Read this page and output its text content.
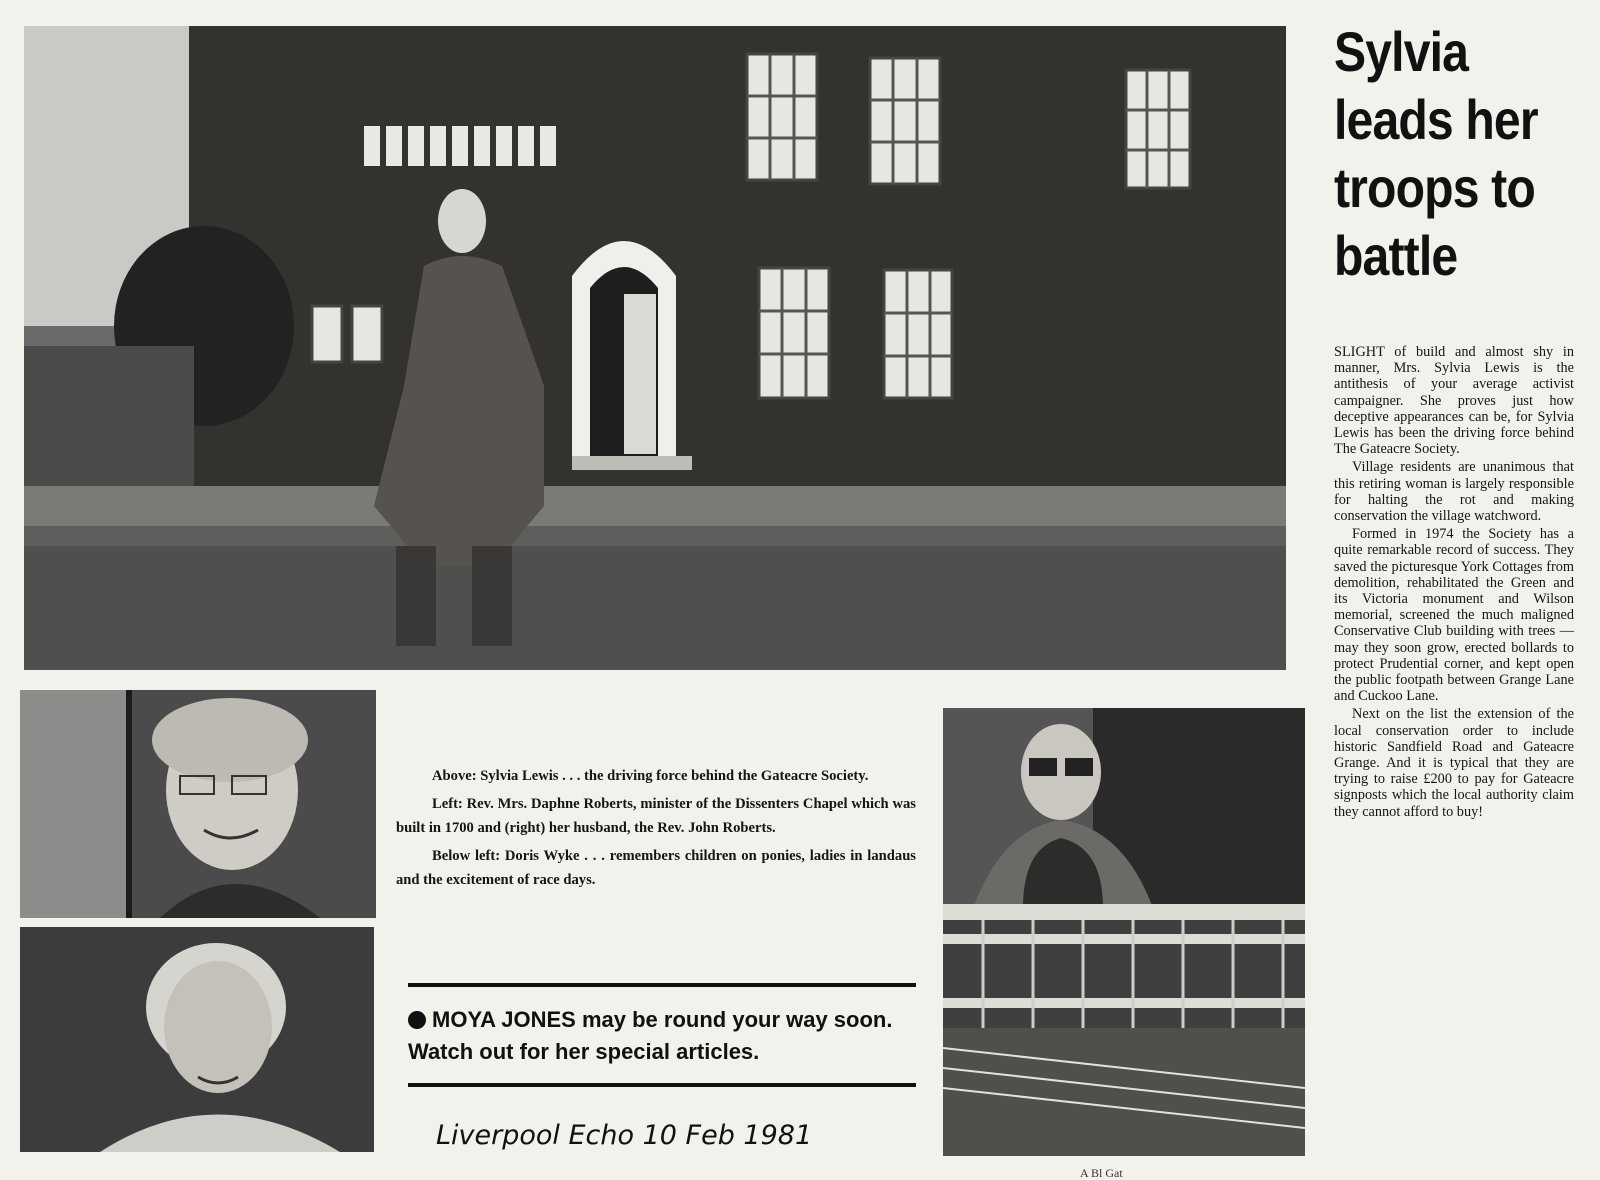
Sylvia
leads her
troops to
battle

SLIGHT of build and almost shy in manner, Mrs. Sylvia Lewis is the antithesis of your average activist campaigner. She proves just how deceptive appearances can be, for Sylvia Lewis has been the driving force behind The Gateacre Society.

Village residents are unanimous that this retiring woman is largely responsible for halting the rot and making conservation the village watchword.

Formed in 1974 the Society has a quite remarkable record of success. They saved the picturesque York Cottages from demolition, rehabilitated the Green and its Victoria monument and Wilson memorial, screened the much maligned Conservative Club building with trees — may they soon grow, erected bollards to protect Prudential corner, and kept open the public footpath between Grange Lane and Cuckoo Lane.

Next on the list the extension of the local conservation order to include historic Sandfield Road and Gateacre Grange. And it is typical that they are trying to raise £200 to pay for Gateacre signposts which the local authority claim they cannot afford to buy!

Above: Sylvia Lewis . . . the driving force behind the Gateacre Society.

Left: Rev. Mrs. Daphne Roberts, minister of the Dissenters Chapel which was built in 1700 and (right) her husband, the Rev. John Roberts.

Below left: Doris Wyke . . . remembers children on ponies, ladies in landaus and the excitement of race days.

MOYA JONES may be round your way soon. Watch out for her special articles.
Liverpool Echo 10 Feb 1981
A Bl Gat
